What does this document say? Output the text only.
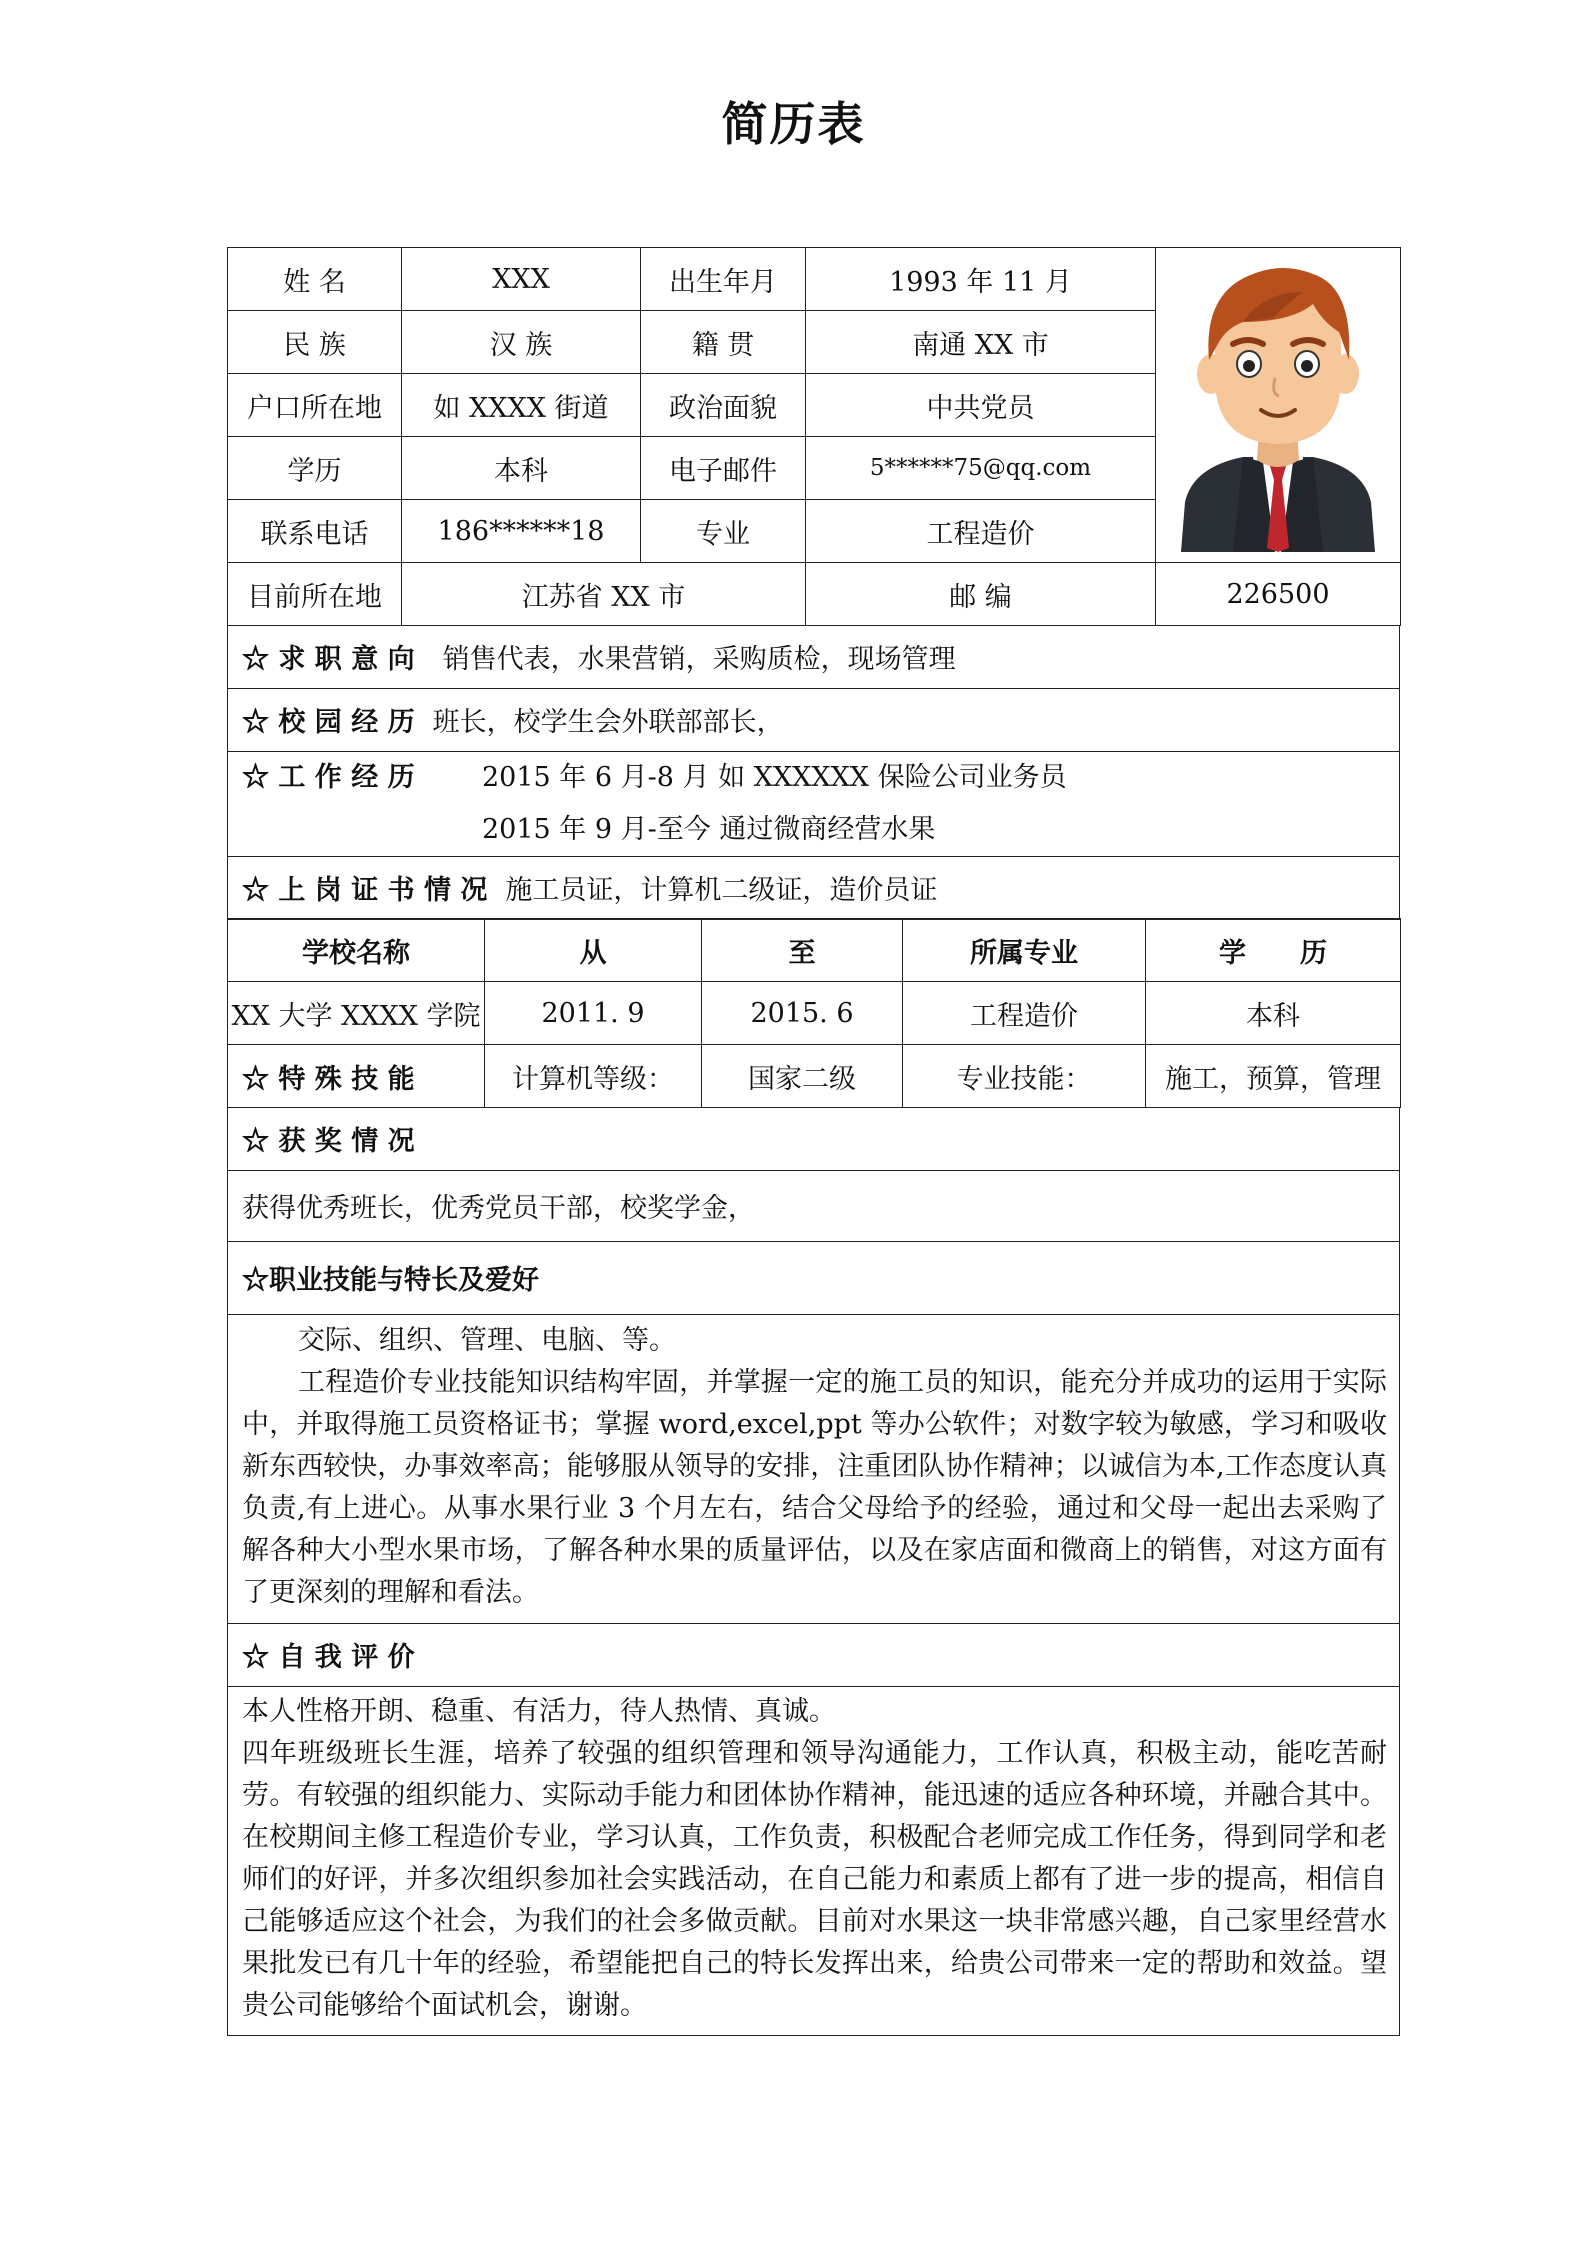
简历表
姓 名	XXX	出生年月	1993 年 11 月	
民 族	汉 族	籍 贯	南通 XX 市	
户口所在地	如 XXXX 街道	政治面貌	中共党员	
学历	本科	电子邮件	5******75@qq.com	
联系电话	186******18	专业	工程造价	
目前所在地	江苏省 XX 市		邮 编	226500
☆ 求 职 意 向 销售代表，水果营销，采购质检，现场管理
☆ 校 园 经 历 班长，校学生会外联部部长，

☆ 工 作 经 历	2015 年 6 月-8 月 如 XXXXXX 保险公司业务员
2015 年 9 月-至今 通过微商经营水果

☆ 上 岗 证 书 情 况 施工员证，计算机二级证，造价员证
学校名称	从	至	所属专业	学　　历
XX 大学 XXXX 学院	2011. 9	2015. 6	工程造价	本科
☆ 特 殊 技 能	计算机等级：	国家二级	专业技能：	施工，预算，管理
☆ 获 奖 情 况
获得优秀班长，优秀党员干部，校奖学金，
☆职业技能与特长及爱好

交际、组织、管理、电脑、等。

工程造价专业技能知识结构牢固，并掌握一定的施工员的知识，能充分并成功的运用于实际中，并取得施工员资格证书；掌握 word,excel,ppt 等办公软件；对数字较为敏感，学习和吸收新东西较快，办事效率高；能够服从领导的安排，注重团队协作精神；以诚信为本,工作态度认真负责,有上进心。从事水果行业 3 个月左右，结合父母给予的经验，通过和父母一起出去采购了解各种大小型水果市场，了解各种水果的质量评估，以及在家店面和微商上的销售，对这方面有了更深刻的理解和看法。

☆ 自 我 评 价

本人性格开朗、稳重、有活力，待人热情、真诚。

四年班级班长生涯，培养了较强的组织管理和领导沟通能力，工作认真，积极主动，能吃苦耐劳。有较强的组织能力、实际动手能力和团体协作精神，能迅速的适应各种环境，并融合其中。在校期间主修工程造价专业，学习认真，工作负责，积极配合老师完成工作任务，得到同学和老师们的好评，并多次组织参加社会实践活动，在自己能力和素质上都有了进一步的提高，相信自己能够适应这个社会，为我们的社会多做贡献。目前对水果这一块非常感兴趣，自己家里经营水果批发已有几十年的经验，希望能把自己的特长发挥出来，给贵公司带来一定的帮助和效益。望贵公司能够给个面试机会，谢谢。
